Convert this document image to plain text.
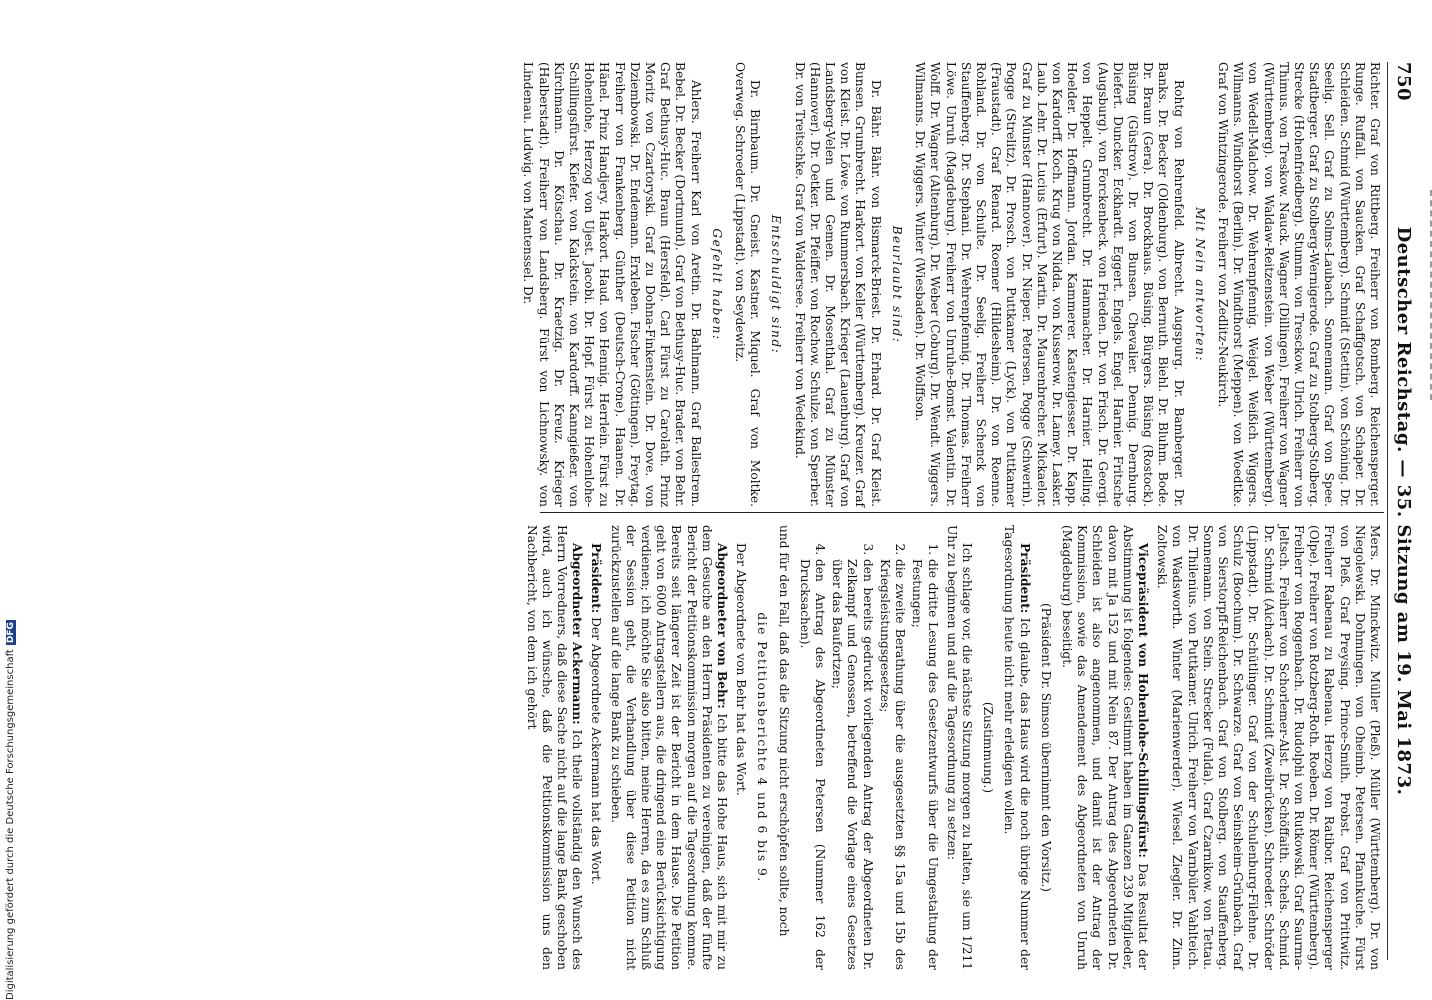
750
Deutscher Reichstag. — 35. Sitzung am 19. Mai 1873.

Richter. Graf von Rittberg. Freiherr von Romberg. Reichensperger. Runge. Ruffall. von Saucken. Graf Schaffgotsch. von Schaper. Dr. Schleiden. Schmid (Württemberg). Schmidt (Stettin). von Schöning. Dr. Seelig. Sell. Graf zu Solms-Laubach. Sonnemann. Graf von Spee. Stadtberger. Graf zu Stolberg-Wernigerode. Graf zu Stolberg-Stolberg. Strecke (Hohenfriedberg). Stumm. von Tresckow. Ulrich. Freiherr von Thimus. von Treskow. Nauck. Wagner (Dillingen). Freiherr von Wagner (Württemberg). von Waldaw-Reitzenstein. von Weber (Württemberg). von Wedell-Malchow. Dr. Wehrenpfennig. Weigel. Weißich. Wiggers. Wilmanns. Windhorst (Berlin). Dr. Windthorst (Meppen). von Woedtke. Graf von Wintzingerode. Freiherr von Zedlitz-Neukirch.

Mit Nein antworten:

Rohtg von Rehrenfeld. Albrecht. Augspurg. Dr. Bamberger. Dr. Banks. Dr. Becker (Oldenburg). von Bernuth. Biehl. Dr. Bluhm. Bode. Dr. Braun (Gera). Dr. Brockhaus. Büsing. Bürgers. Büsing (Rostock). Büsing (Güstrow). Dr. von Bunsen. Chevalier. Dennig. Dernburg. Diefert. Duncker. Eckhardt. Eggert. Engels. Engel. Harnier. Fritsche (Augsburg). von Forckenbeck. von Frieden. Dr. von Frisch. Dr. Georgi. von Heppelt. Grumbrecht. Dr. Hammacher. Dr. Harnier. Helling. Hoelder. Dr. Hoffmann. Jordan. Kammerer. Kastengiesser. Dr. Kapp. von Kardorff. Koch. Krug von Nidda. von Kusserow. Dr. Lamey. Lasker. Laub. Lehr. Dr. Lucius (Erfurt). Martin. Dr. Maurenbrecher. Mickaelor. Graf zu Münster (Hannover). Dr. Nieper. Petersen. Pogge (Schwerin). Pogge (Strelitz). Dr. Prosch. von Puttkamer (Lyck). von Puttkamer (Fraustadt). Graf Renard. Roemer (Hildesheim). Dr. von Roenne. Rohland. Dr. von Schulte. Dr. Seelig. Freiherr Schenck von Stauffenberg. Dr. Stephani. Dr. Wehrenpfennig. Dr. Thomas. Freiherr Löwe. Unruh (Magdeburg). Freiherr von Unruhe-Bomst. Valentin. Dr. Wolff. Dr. Wagner (Altenburg). Dr. Weber (Coburg). Dr. Wendt. Wiggers. Wilmanns. Dr. Wiggers. Winter (Wiesbaden). Dr. Wolffson.

Beurlaubt sind:

Dr. Bähr. Bähr. von Bismarck-Briest. Dr. Erhard. Dr. Graf Kleist. Bunsen. Grumbrecht. Harkort. von Keller (Württemberg). Kreuzer. Graf von Kleist. Dr. Löwe. von Rummersbach. Krieger (Lauenburg). Graf von Landsberg-Velen und Gemen. Dr. Mosenthal. Graf zu Münster (Hannover). Dr. Oetker. Dr. Pfeiffer. von Rochow. Schulze. von Sperber. Dr. von Treitschke. Graf von Waldersee. Freiherr von Wedekind.

Entschuldigt sind:

Dr. Birnbaum. Dr. Gneist. Kastner. Miquel. Graf von Moltke. Overweg. Schroeder (Lippstadt). von Seydewitz.

Gefehlt haben:

Ahlers. Freiherr Karl von Aretin. Dr. Bahlmann. Graf Ballestrem. Bebel. Dr. Becker (Dortmund). Graf von Bethusy-Huc. Brader. von Behr. Graf Bethusy-Huc. Braun (Hersfeld). Carl Fürst zu Carolath. Prinz Moritz von Czartoryski. Graf zu Dohna-Finkenstein. Dr. Dove. von Dziembowski. Dr. Endemann. Erxleben. Fischer (Göttingen). Freytag. Freiherr von Frankenberg. Günther (Deutsch-Crone). Haanen. Dr. Hänel. Prinz Handjery. Harkort. Haud. von Hennig. Herrlein. Fürst zu Hohenlohe, Herzog von Ujest. Jacobi. Dr. Hopf. Fürst zu Hohenlohe-Schillingsfürst. Kiefer. von Kalckstein. von Kardorff. Kanngießer. von Kirchmann. Dr. Kötschau. Dr. Kraetzig. Dr. Kreuz. Krieger (Halberstadt). Freiherr von Landsberg. Fürst von Lichnowsky. von Lindenau. Ludwig. von Mantenssel. Dr.

Mers. Dr. Minckwitz. Müller (Pleß). Müller (Württemberg). Dr. von Niegolewski. Dohmingen. von Oheimb. Petersen. Pfannkuche. Fürst von Pleß. Graf Preysing. Prince-Smith. Probst. Graf von Prittwitz. Freiherr Rabenau zu Rabenau. Herzog von Ratibor. Reichensperger (Olpe). Freiherr von Rotzberg-Roth. Roeben. Dr. Römer (Württemberg). Freiherr von Roggenbach. Dr. Rudolphi von Rutkowski. Graf Saurma-Jeltsch. Freiherr von Schorlemer-Alst. Dr. Schöffaith. Schels. Schmid. Dr. Schmid (Aichach). Dr. Schmidt (Zweibrücken). Schroeder. Schröder (Lippstadt). Dr. Schütlinger. Graf von der Schulenburg-Filehne. Dr. Schulz (Boochum). Dr. Schwarze. Graf von Seinsheim-Grünbach. Graf von Sierstorpff-Reichenbach. Graf von Stolberg. von Stauffenberg. Sonnemann. von Stein. Strecker (Fulda). Graf Czarnikow. von Tettau. Dr. Thilenius. von Puttkamer. Ulrich. Freiherr von Varnbüler. Vahlteich. von Wadsworth. Winter (Marienwerder). Wiesel. Ziegler. Dr. Zinn. Zoltowski.

Vicepräsident von Hohenlohe-Schillingsfürst: Das Resultat der Abstimmung ist folgendes: Gestimmt haben im Ganzen 239 Mitglieder, davon mit Ja 152 und mit Nein 87. Der Antrag des Abgeordneten Dr. Schleiden ist also angenommen, und damit ist der Antrag der Kommission, sowie das Amendement des Abgeordneten von Unruh (Magdeburg) beseitigt.

(Präsident Dr. Simson übernimmt den Vorsitz.)

Präsident: Ich glaube, das Haus wird die noch übrige Nummer der Tagesordnung heute nicht mehr erledigen wollen.

(Zustimmung.)

Ich schlage vor, die nächste Sitzung morgen zu halten, sie um 1/211 Uhr zu beginnen und auf die Tagesordnung zu setzen:

1. die dritte Lesung des Gesetzentwurfs über die Umgestaltung der Festungen;
2. die zweite Berathung über die ausgesetzten §§ 15a und 15b des Kriegsleistungsgesetzes;
3. den bereits gedruckt vorliegenden Antrag der Abgeordneten Dr. Zelkampf und Genossen, betreffend die Vorlage eines Gesetzes über das Baufortzen;
4. den Antrag des Abgeordneten Petersen (Nummer 162 der Drucksachen).

und für den Fall, daß das die Sitzung nicht erschöpfen sollte, noch

die Petitionsberichte 4 und 6 bis 9.

Der Abgeordnete von Behr hat das Wort.

Abgeordneter von Behr: Ich bitte das Hohe Haus, sich mit mir zu dem Gesuche an den Herrn Präsidenten zu vereinigen, daß der fünfte Bericht der Petitionskommission morgen auf die Tagesordnung komme. Bereits seit längerer Zeit ist der Bericht in dem Hause. Die Petition geht von 6000 Antragstellern aus, die dringend eine Berücksichtigung verdienen; ich möchte Sie also bitten, meine Herren, da es zum Schluß der Session geht, die Verhandlung über diese Petition nicht zurückzustellen auf die lange Bank zu schieben.

Präsident: Der Abgeordnete Ackermann hat das Wort.

Abgeordneter Ackermann: Ich theile vollständig den Wunsch des Herrn Vorredners, daß diese Sache nicht auf die lange Bank geschoben wird, auch ich wünsche, daß die Petitionskommission uns den Nachbericht, von dem ich gehört

Digitalisierung gefördert durch die Deutsche ForschungsgemeinschaftDFG
